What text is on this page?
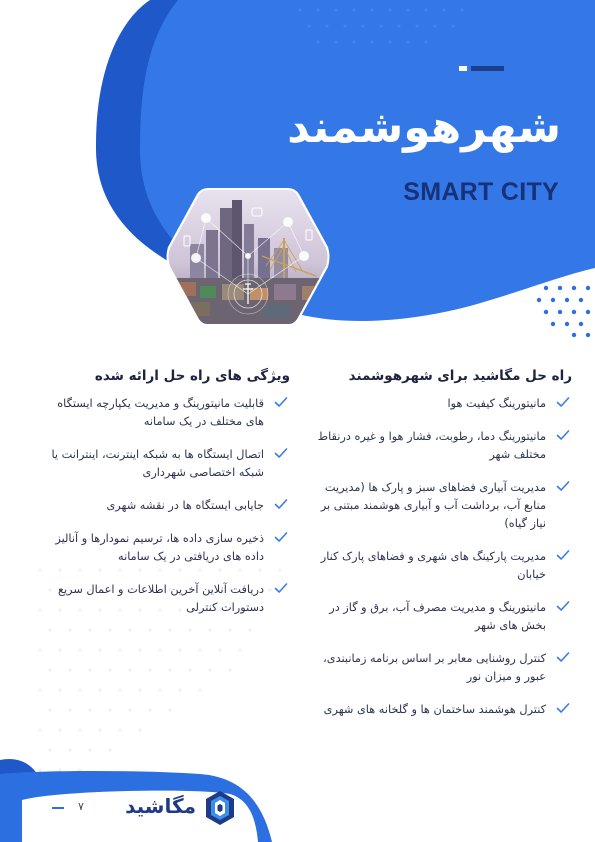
شهرهوشمند
SMART CITY
راه حل مگاشید برای شهرهوشمند
مانیتورینگ کیفیت هوا
مانیتورینگ دما، رطوبت، فشار هوا و غیره درنقاط مختلف شهر
مدیریت آبیاری فضاهای سبز و پارک ها (مدیریت منابع آب، برداشت آب و آبیاری هوشمند مبتنی بر نیاز گیاه)
مدیریت پارکینگ های شهری و فضاهای پارک کنار خیابان
مانیتورینگ و مدیریت مصرف آب، برق و گاز در بخش های شهر
کنترل روشنایی معابر بر اساس برنامه زمانبندی، عبور و میزان نور
کنترل هوشمند ساختمان ها و گلخانه های شهری
ویژگی های راه حل ارائه شده
قابلیت مانیتورینگ و مدیریت یکپارچه ایستگاه های مختلف در یک سامانه
اتصال ایستگاه ها به شبکه اینترنت، اینترانت یا شبکه اختصاصی شهرداری
جایابی ایستگاه ها در نقشه شهری
ذخیره سازی داده ها، ترسیم نمودارها و آنالیز داده های دریافتی در یک سامانه
دریافت آنلاین آخرین اطلاعات و اعمال سریع دستورات کنترلی
۷	مگاشید
